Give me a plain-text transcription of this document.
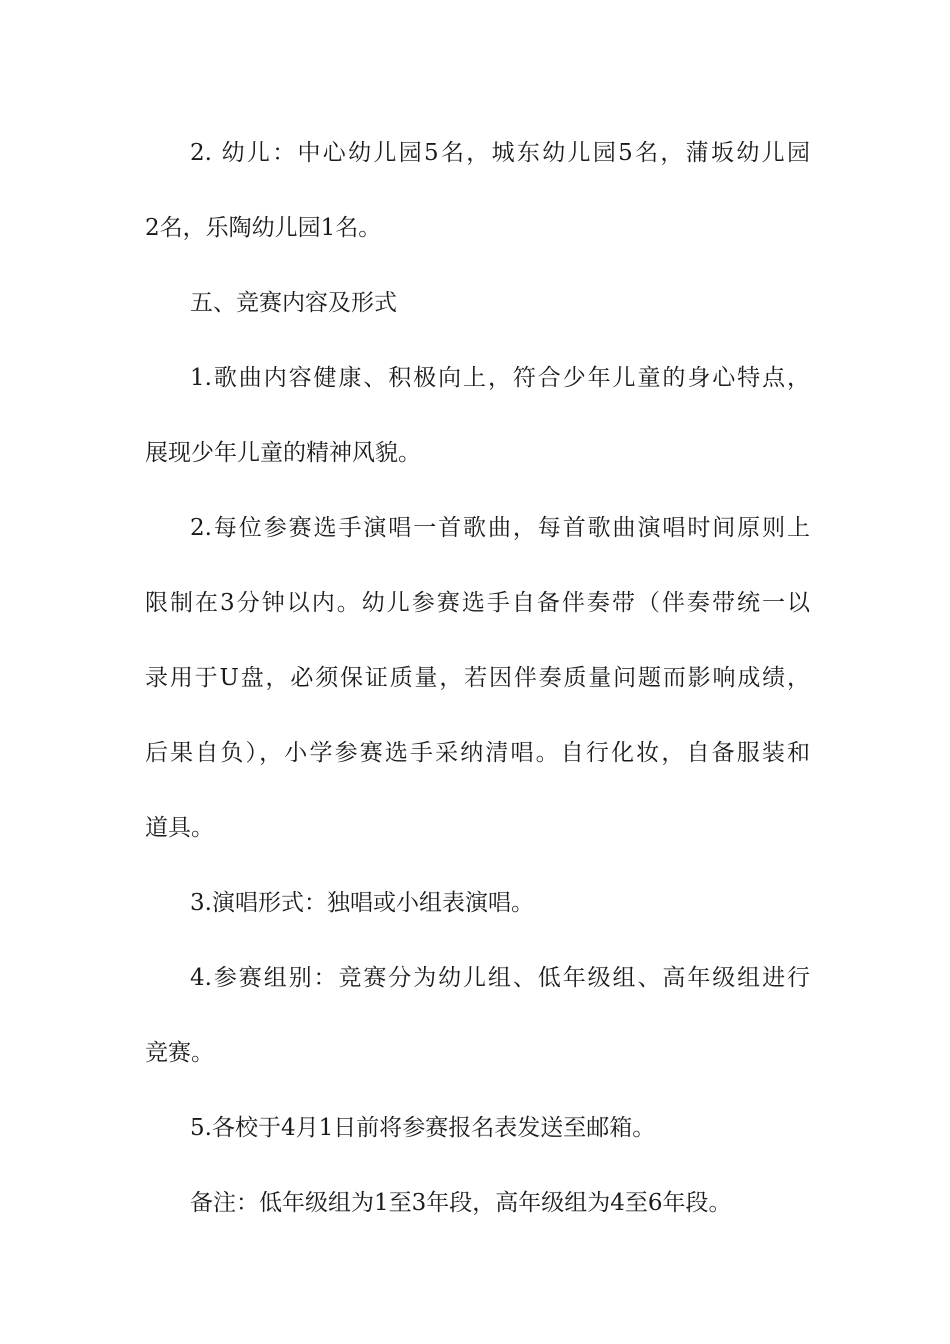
2. 幼儿：中心幼儿园5名，城东幼儿园5名，蒲坂幼儿园
2名，乐陶幼儿园1名。
五、竞赛内容及形式
1.歌曲内容健康、积极向上，符合少年儿童的身心特点，
展现少年儿童的精神风貌。
2.每位参赛选手演唱一首歌曲，每首歌曲演唱时间原则上
限制在3分钟以内。幼儿参赛选手自备伴奏带（伴奏带统一以
录用于U盘，必须保证质量，若因伴奏质量问题而影响成绩，
后果自负），小学参赛选手采纳清唱。自行化妆，自备服装和
道具。
3.演唱形式：独唱或小组表演唱。
4.参赛组别：竞赛分为幼儿组、低年级组、高年级组进行
竞赛。
5.各校于4月1日前将参赛报名表发送至邮箱。
备注：低年级组为1至3年段，高年级组为4至6年段。
